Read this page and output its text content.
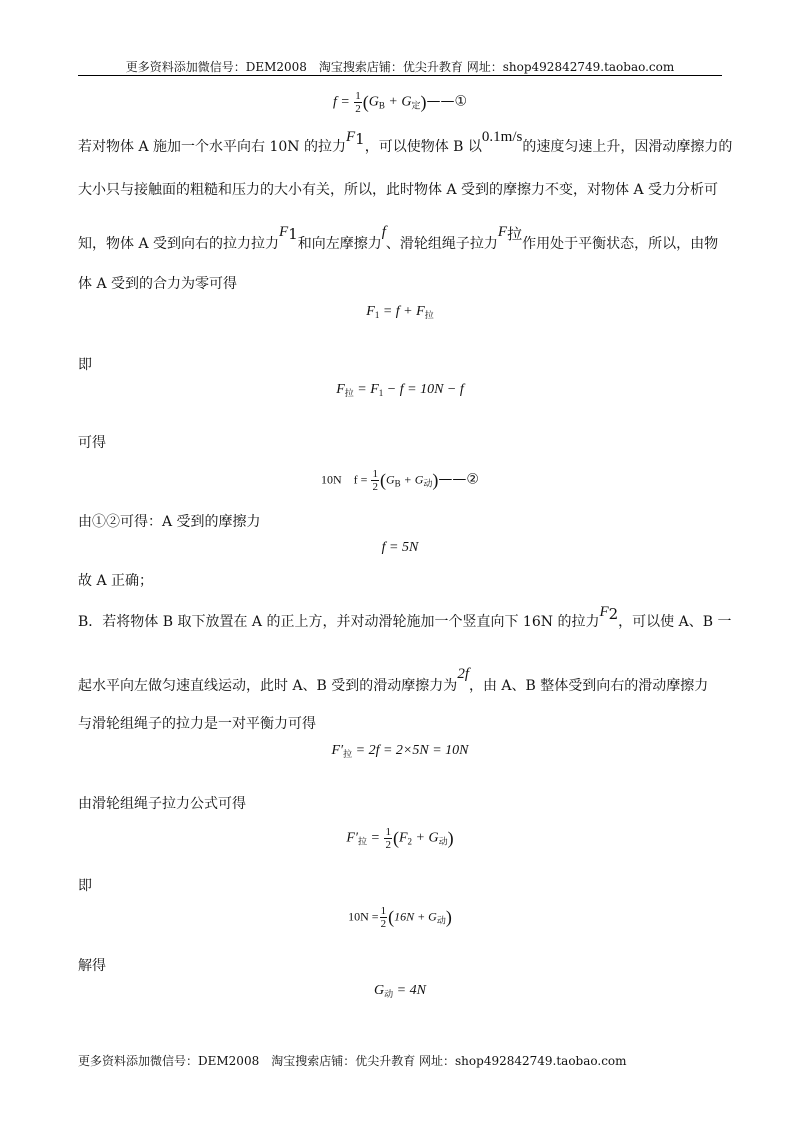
更多资料添加微信号：DEM2008　淘宝搜索店铺：优尖升教育 网址：shop492842749.taobao.com
$f = \frac{1}{2} (G_B$ + $G_定)——①$
若对物体 A 施加一个水平向右 10N 的拉力F1，可以使物体 B 以0.1m/s的速度匀速上升，因滑动摩擦力的
大小只与接触面的粗糙和压力的大小有关，所以，此时物体 A 受到的摩擦力不变，对物体 A 受力分析可
知，物体 A 受到向右的拉力拉力F1和向左摩擦力f、滑轮组绳子拉力F拉作用处于平衡状态，所以，由物
体 A 受到的合力为零可得
$F_1 = f + F_拉$
即
$F_拉 = F_1 - f = 10N - f$
可得
10N　$f = \frac{1}{2} (G_B$ + $G_动)——②$
由①②可得：A 受到的摩擦力
f = 5N
故 A 正确；
B．若将物体 B 取下放置在 A 的正上方，并对动滑轮施加一个竖直向下 16N 的拉力F2，可以使 A、B 一
起水平向左做匀速直线运动，此时 A、B 受到的滑动摩擦力为2f，由 A、B 整体受到向右的滑动摩擦力
与滑轮组绳子的拉力是一对平衡力可得
$F'_拉 = 2f = 2\times 5N = 10N$
由滑轮组绳子拉力公式可得
$F'_拉 = \frac{1}{2} (F_2 + G_动)$
即
$10N = \frac{1}{2} (16N + G_动)$
解得
$G_动 = 4N$
更多资料添加微信号：DEM2008　淘宝搜索店铺：优尖升教育 网址：shop492842749.taobao.com
